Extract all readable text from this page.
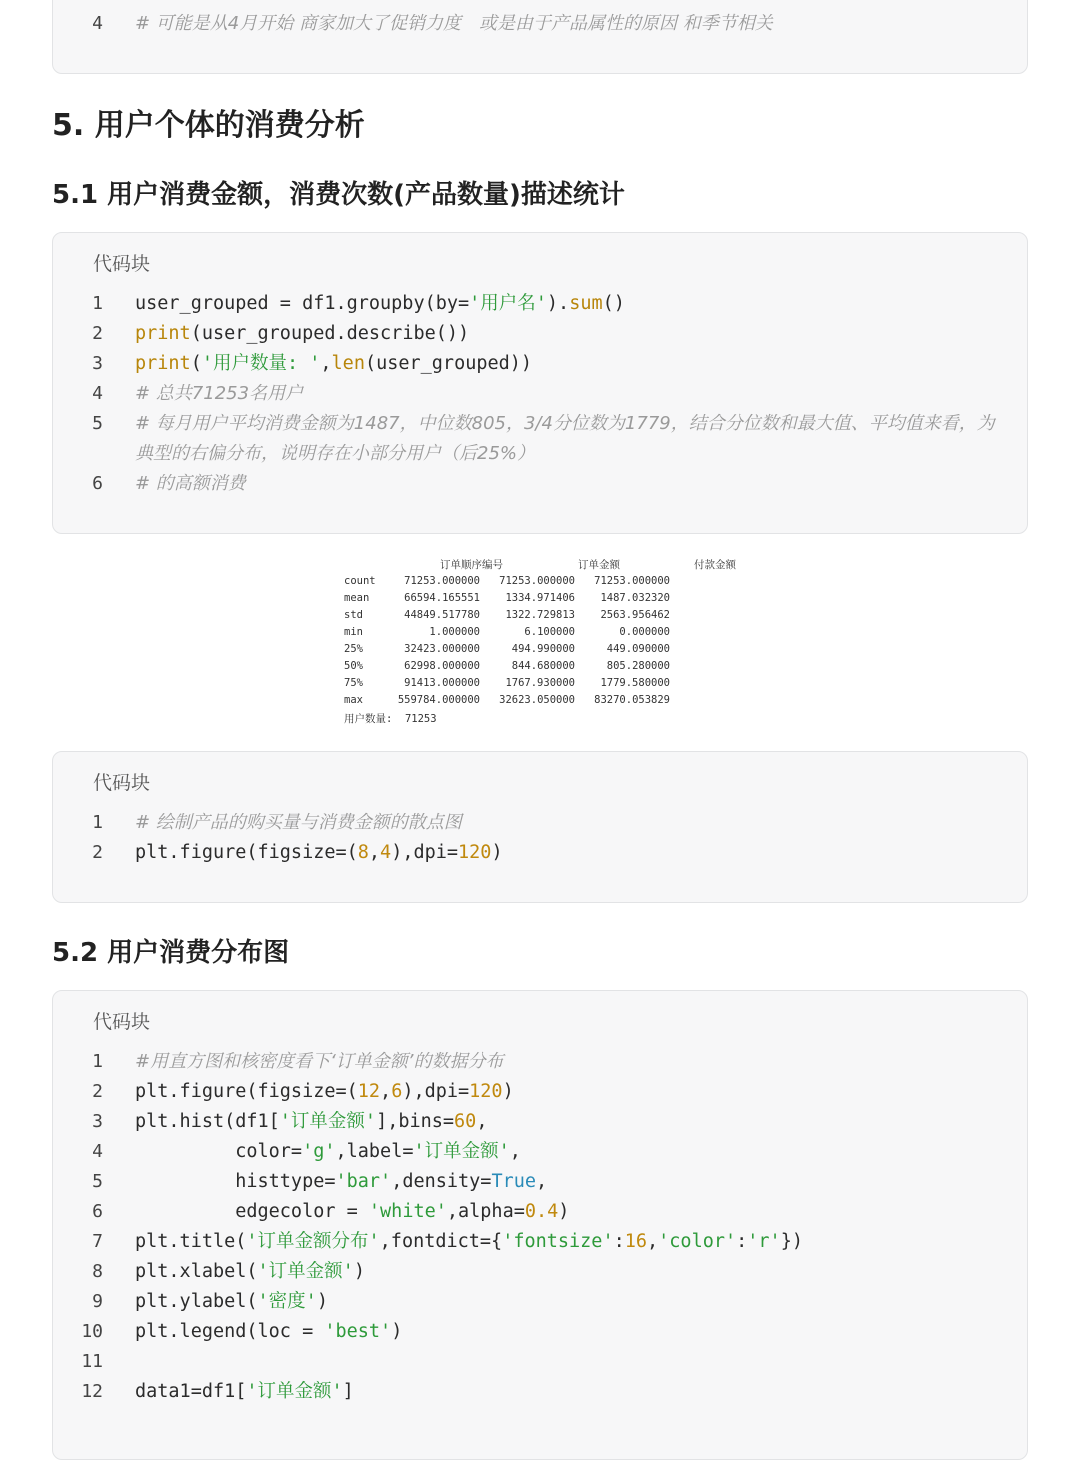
4 # 可能是从4月开始 商家加大了促销力度　或是由于产品属性的原因 和季节相关
5. 用户个体的消费分析
5.1 用户消费金额，消费次数(产品数量)描述统计
代码块
1 user_grouped = df1.groupby(by='用户名').sum()
2 print(user_grouped.describe())
3 print('用户数量: ',len(user_grouped))
4 # 总共71253名用户
5 # 每月用户平均消费金额为1487，中位数805，3/4分位数为1779，结合分位数和最大值、平均值来看，为典型的右偏分布，说明存在小部分用户（后25%）
6 # 的高额消费
订单顺序编号	订单金额	付款金额
count	71253.000000	71253.000000	71253.000000
mean	66594.165551	1334.971406	1487.032320
std	44849.517780	1322.729813	2563.956462
min	1.000000	6.100000	0.000000
25%	32423.000000	494.990000	449.090000
50%	62998.000000	844.680000	805.280000
75%	91413.000000	1767.930000	1779.580000
max	559784.000000	32623.050000	83270.053829
用户数量:  71253
代码块
1 # 绘制产品的购买量与消费金额的散点图
2 plt.figure(figsize=(8,4),dpi=120)
5.2 用户消费分布图
代码块
1 #用直方图和核密度看下‘订单金额’的数据分布
2 plt.figure(figsize=(12,6),dpi=120)
3 plt.hist(df1['订单金额'],bins=60,
4 color='g',label='订单金额',
5 histtype='bar',density=True,
6 edgecolor = 'white',alpha=0.4)
7 plt.title('订单金额分布',fontdict={'fontsize':16,'color':'r'})
8 plt.xlabel('订单金额')
9 plt.ylabel('密度')
10 plt.legend(loc = 'best')
11
12 data1=df1['订单金额']
